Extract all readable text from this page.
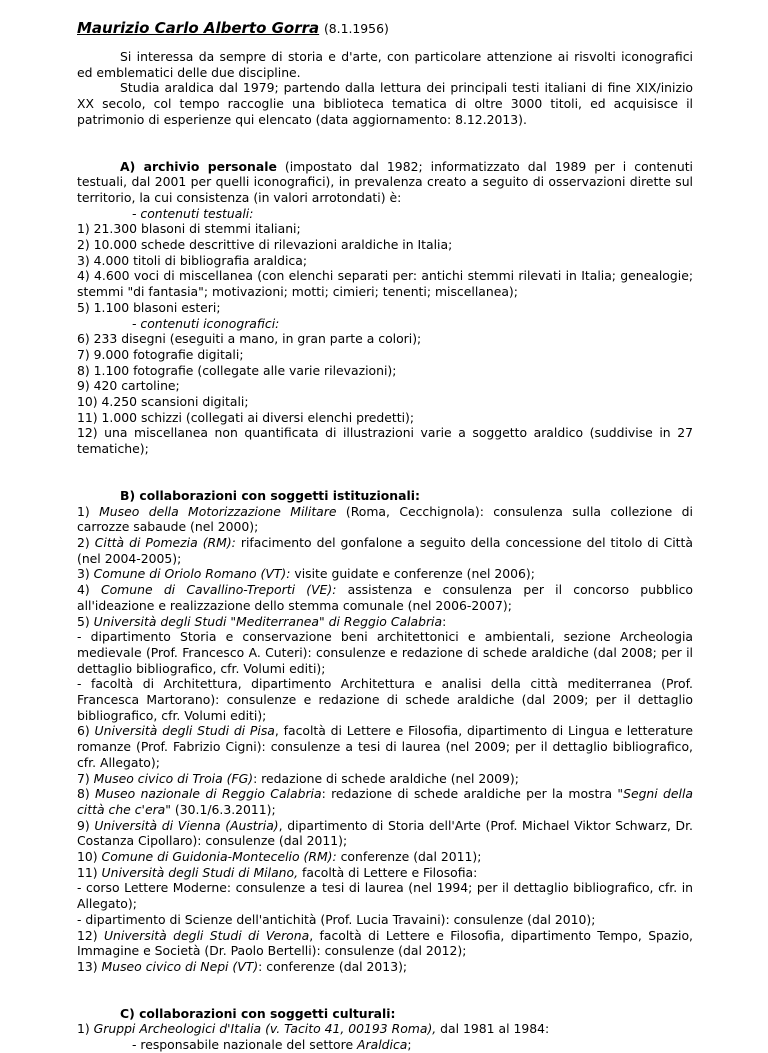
Maurizio Carlo Alberto Gorra (8.1.1956)

Si interessa da sempre di storia e d'arte, con particolare attenzione ai risvolti iconografici ed emblematici delle due discipline.

Studia araldica dal 1979; partendo dalla lettura dei principali testi italiani di fine XIX/inizio XX secolo, col tempo raccoglie una biblioteca tematica di oltre 3000 titoli, ed acquisisce il patrimonio di esperienze qui elencato (data aggiornamento: 8.12.2013).

A) archivio personale (impostato dal 1982; informatizzato dal 1989 per i contenuti testuali, dal 2001 per quelli iconografici), in prevalenza creato a seguito di osservazioni dirette sul territorio, la cui consistenza (in valori arrotondati) è:

- contenuti testuali:

1) 21.300 blasoni di stemmi italiani;

2) 10.000 schede descrittive di rilevazioni araldiche in Italia;

3) 4.000 titoli di bibliografia araldica;

4) 4.600 voci di miscellanea (con elenchi separati per: antichi stemmi rilevati in Italia; genealogie; stemmi "di fantasia"; motivazioni; motti; cimieri; tenenti; miscellanea);

5) 1.100 blasoni esteri;

- contenuti iconografici:

6) 233 disegni (eseguiti a mano, in gran parte a colori);

7) 9.000 fotografie digitali;

8) 1.100 fotografie (collegate alle varie rilevazioni);

9) 420 cartoline;

10) 4.250 scansioni digitali;

11) 1.000 schizzi (collegati ai diversi elenchi predetti);

12) una miscellanea non quantificata di illustrazioni varie a soggetto araldico (suddivise in 27 tematiche);

B) collaborazioni con soggetti istituzionali:

1) Museo della Motorizzazione Militare (Roma, Cecchignola): consulenza sulla collezione di carrozze sabaude (nel 2000);

2) Città di Pomezia (RM): rifacimento del gonfalone a seguito della concessione del titolo di Città (nel 2004-2005);

3) Comune di Oriolo Romano (VT): visite guidate e conferenze (nel 2006);

4) Comune di Cavallino-Treporti (VE): assistenza e consulenza per il concorso pubblico all'ideazione e realizzazione dello stemma comunale (nel 2006-2007);

5) Università degli Studi "Mediterranea" di Reggio Calabria:

- dipartimento Storia e conservazione beni architettonici e ambientali, sezione Archeologia medievale (Prof. Francesco A. Cuteri): consulenze e redazione di schede araldiche (dal 2008; per il dettaglio bibliografico, cfr. Volumi editi);

- facoltà di Architettura, dipartimento Architettura e analisi della città mediterranea (Prof. Francesca Martorano): consulenze e redazione di schede araldiche (dal 2009; per il dettaglio bibliografico, cfr. Volumi editi);

6) Università degli Studi di Pisa, facoltà di Lettere e Filosofia, dipartimento di Lingua e letterature romanze (Prof. Fabrizio Cigni): consulenze a tesi di laurea (nel 2009; per il dettaglio bibliografico, cfr. Allegato);

7) Museo civico di Troia (FG): redazione di schede araldiche (nel 2009);

8) Museo nazionale di Reggio Calabria: redazione di schede araldiche per la mostra "Segni della città che c'era" (30.1/6.3.2011);

9) Università di Vienna (Austria), dipartimento di Storia dell'Arte (Prof. Michael Viktor Schwarz, Dr. Costanza Cipollaro): consulenze (dal 2011);

10) Comune di Guidonia-Montecelio (RM): conferenze (dal 2011);

11) Università degli Studi di Milano, facoltà di Lettere e Filosofia:

- corso Lettere Moderne: consulenze a tesi di laurea (nel 1994; per il dettaglio bibliografico, cfr. in Allegato);

- dipartimento di Scienze dell'antichità (Prof. Lucia Travaini): consulenze (dal 2010);

12) Università degli Studi di Verona, facoltà di Lettere e Filosofia, dipartimento Tempo, Spazio, Immagine e Società (Dr. Paolo Bertelli): consulenze (dal 2012);

13) Museo civico di Nepi (VT): conferenze (dal 2013);

C) collaborazioni con soggetti culturali:

1) Gruppi Archeologici d'Italia (v. Tacito 41, 00193 Roma), dal 1981 al 1984:

- responsabile nazionale del settore Araldica;
